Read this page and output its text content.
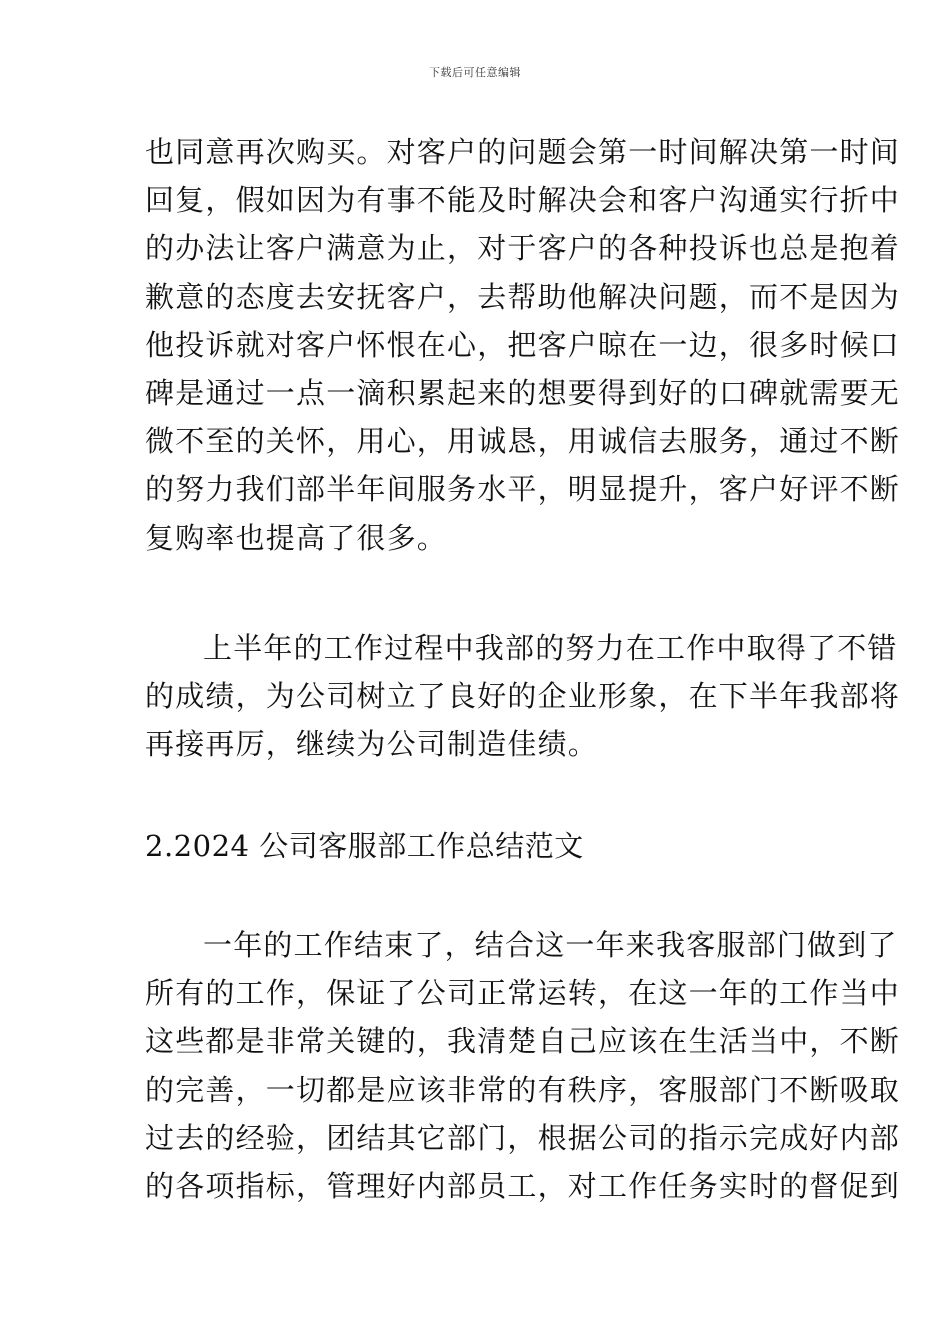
下载后可任意编辑
也同意再次购买。对客户的问题会第一时间解决第一时间
回复，假如因为有事不能及时解决会和客户沟通实行折中
的办法让客户满意为止，对于客户的各种投诉也总是抱着
歉意的态度去安抚客户，去帮助他解决问题，而不是因为
他投诉就对客户怀恨在心，把客户晾在一边，很多时候口
碑是通过一点一滴积累起来的想要得到好的口碑就需要无
微不至的关怀，用心，用诚恳，用诚信去服务，通过不断
的努力我们部半年间服务水平，明显提升，客户好评不断
复购率也提高了很多。
上半年的工作过程中我部的努力在工作中取得了不错
的成绩，为公司树立了良好的企业形象，在下半年我部将
再接再厉，继续为公司制造佳绩。
2.2024 公司客服部工作总结范文
一年的工作结束了，结合这一年来我客服部门做到了
所有的工作，保证了公司正常运转，在这一年的工作当中
这些都是非常关键的，我清楚自己应该在生活当中，不断
的完善，一切都是应该非常的有秩序，客服部门不断吸取
过去的经验，团结其它部门，根据公司的指示完成好内部
的各项指标，管理好内部员工，对工作任务实时的督促到
